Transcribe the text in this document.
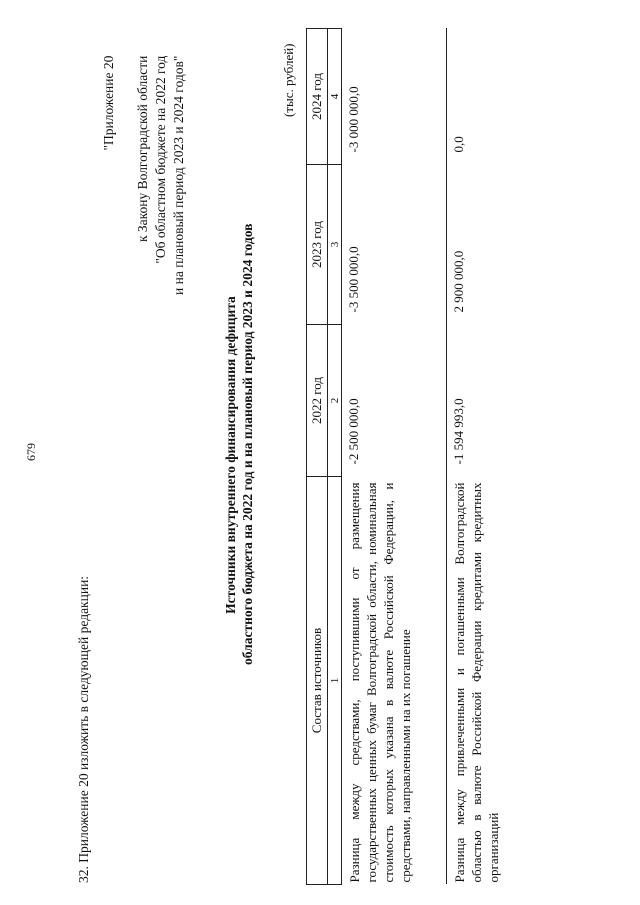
679
32. Приложение 20 изложить в следующей редакции:
"Приложение 20 к Закону Волгоградской области "Об областном бюджете на 2022 год и на плановый период 2023 и 2024 годов"
Источники внутреннего финансирования дефицита областного бюджета на 2022 год и на плановый период 2023 и 2024 годов
(тыс. рублей)
Состав источников	2022 год	2023 год	2024 год
1	2	3	4
Разница между средствами, поступившими от размещения государственных ценных бумаг Волгоградской области, номинальная стоимость которых указана в валюте Российской Федерации, и средствами, направленными на их погашение	-2 500 000,0	-3 500 000,0	-3 000 000,0
Разница между привлеченными и погашенными Волгоградской областью в валюте Российской Федерации кредитами кредитных организаций	-1 594 993,0	2 900 000,0	0,0
